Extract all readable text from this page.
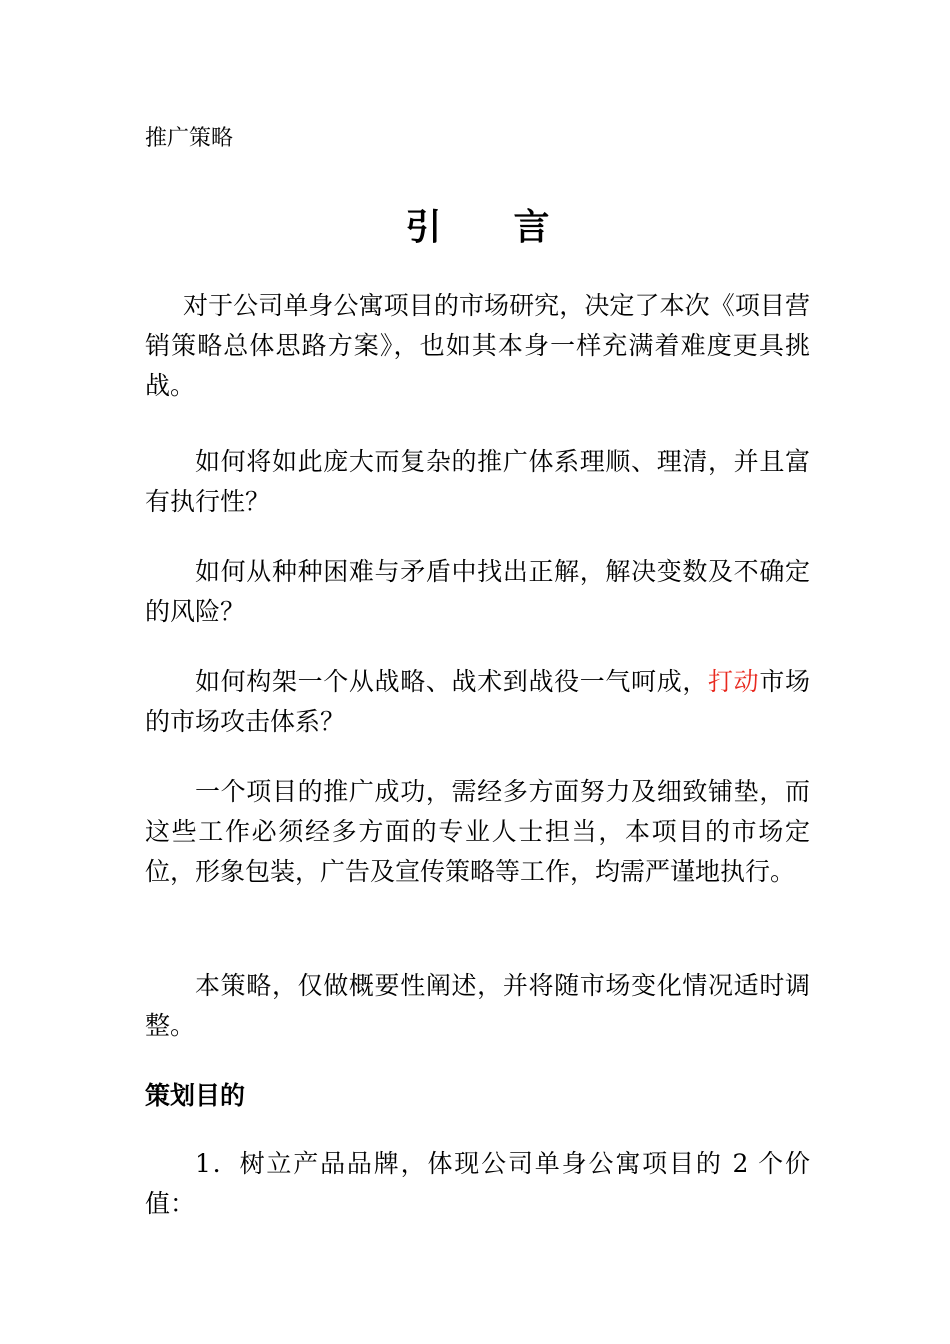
推广策略
引 言

对于公司单身公寓项目的市场研究，决定了本次《项目营销策略总体思路方案》，也如其本身一样充满着难度更具挑战。

如何将如此庞大而复杂的推广体系理顺、理清，并且富有执行性？

如何从种种困难与矛盾中找出正解，解决变数及不确定的风险？

如何构架一个从战略、战术到战役一气呵成，打动市场的市场攻击体系？

一个项目的推广成功，需经多方面努力及细致铺垫，而这些工作必须经多方面的专业人士担当，本项目的市场定位，形象包装，广告及宣传策略等工作，均需严谨地执行。

本策略，仅做概要性阐述，并将随市场变化情况适时调整。

策划目的

1．树立产品品牌，体现公司单身公寓项目的 2 个价值：
